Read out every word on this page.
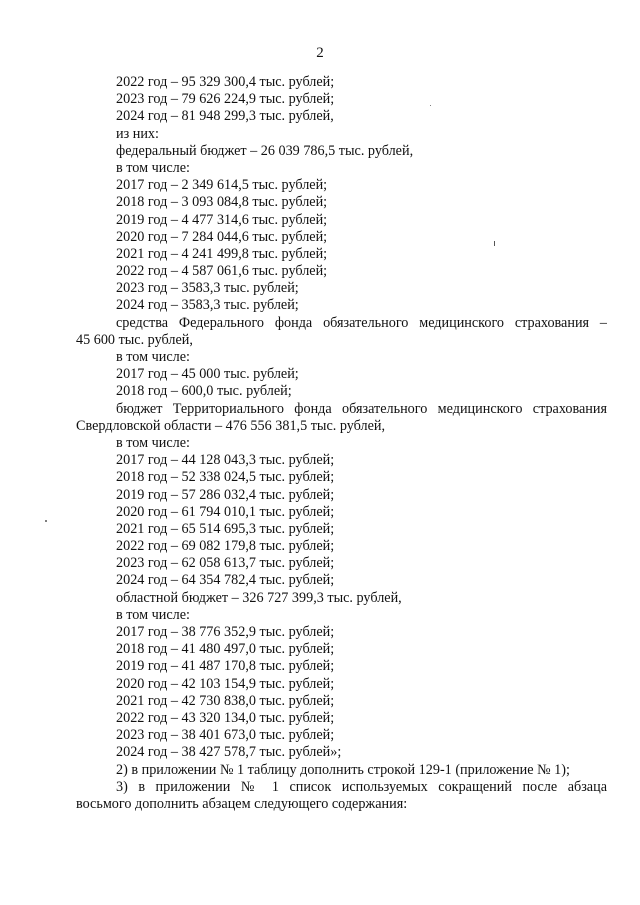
2
2022 год – 95 329 300,4 тыс. рублей;
2023 год – 79 626 224,9 тыс. рублей;
2024 год – 81 948 299,3 тыс. рублей,
из них:
федеральный бюджет – 26 039 786,5 тыс. рублей,
в том числе:
2017 год – 2 349 614,5 тыс. рублей;
2018 год – 3 093 084,8 тыс. рублей;
2019 год – 4 477 314,6 тыс. рублей;
2020 год – 7 284 044,6 тыс. рублей;
2021 год – 4 241 499,8 тыс. рублей;
2022 год – 4 587 061,6 тыс. рублей;
2023 год – 3583,3 тыс. рублей;
2024 год – 3583,3 тыс. рублей;
средства Федерального фонда обязательного медицинского страхования –
45 600 тыс. рублей,
в том числе:
2017 год – 45 000 тыс. рублей;
2018 год – 600,0 тыс. рублей;
бюджет Территориального фонда обязательного медицинского страхования
Свердловской области – 476 556 381,5 тыс. рублей,
в том числе:
2017 год – 44 128 043,3 тыс. рублей;
2018 год – 52 338 024,5 тыс. рублей;
2019 год – 57 286 032,4 тыс. рублей;
2020 год – 61 794 010,1 тыс. рублей;
2021 год – 65 514 695,3 тыс. рублей;
2022 год – 69 082 179,8 тыс. рублей;
2023 год – 62 058 613,7 тыс. рублей;
2024 год – 64 354 782,4 тыс. рублей;
областной бюджет – 326 727 399,3 тыс. рублей,
в том числе:
2017 год – 38 776 352,9 тыс. рублей;
2018 год – 41 480 497,0 тыс. рублей;
2019 год – 41 487 170,8 тыс. рублей;
2020 год – 42 103 154,9 тыс. рублей;
2021 год – 42 730 838,0 тыс. рублей;
2022 год – 43 320 134,0 тыс. рублей;
2023 год – 38 401 673,0 тыс. рублей;
2024 год – 38 427 578,7 тыс. рублей»;
2) в приложении № 1 таблицу дополнить строкой 129-1 (приложение № 1);
3) в приложении № 1 список используемых сокращений после абзаца
восьмого дополнить абзацем следующего содержания:
